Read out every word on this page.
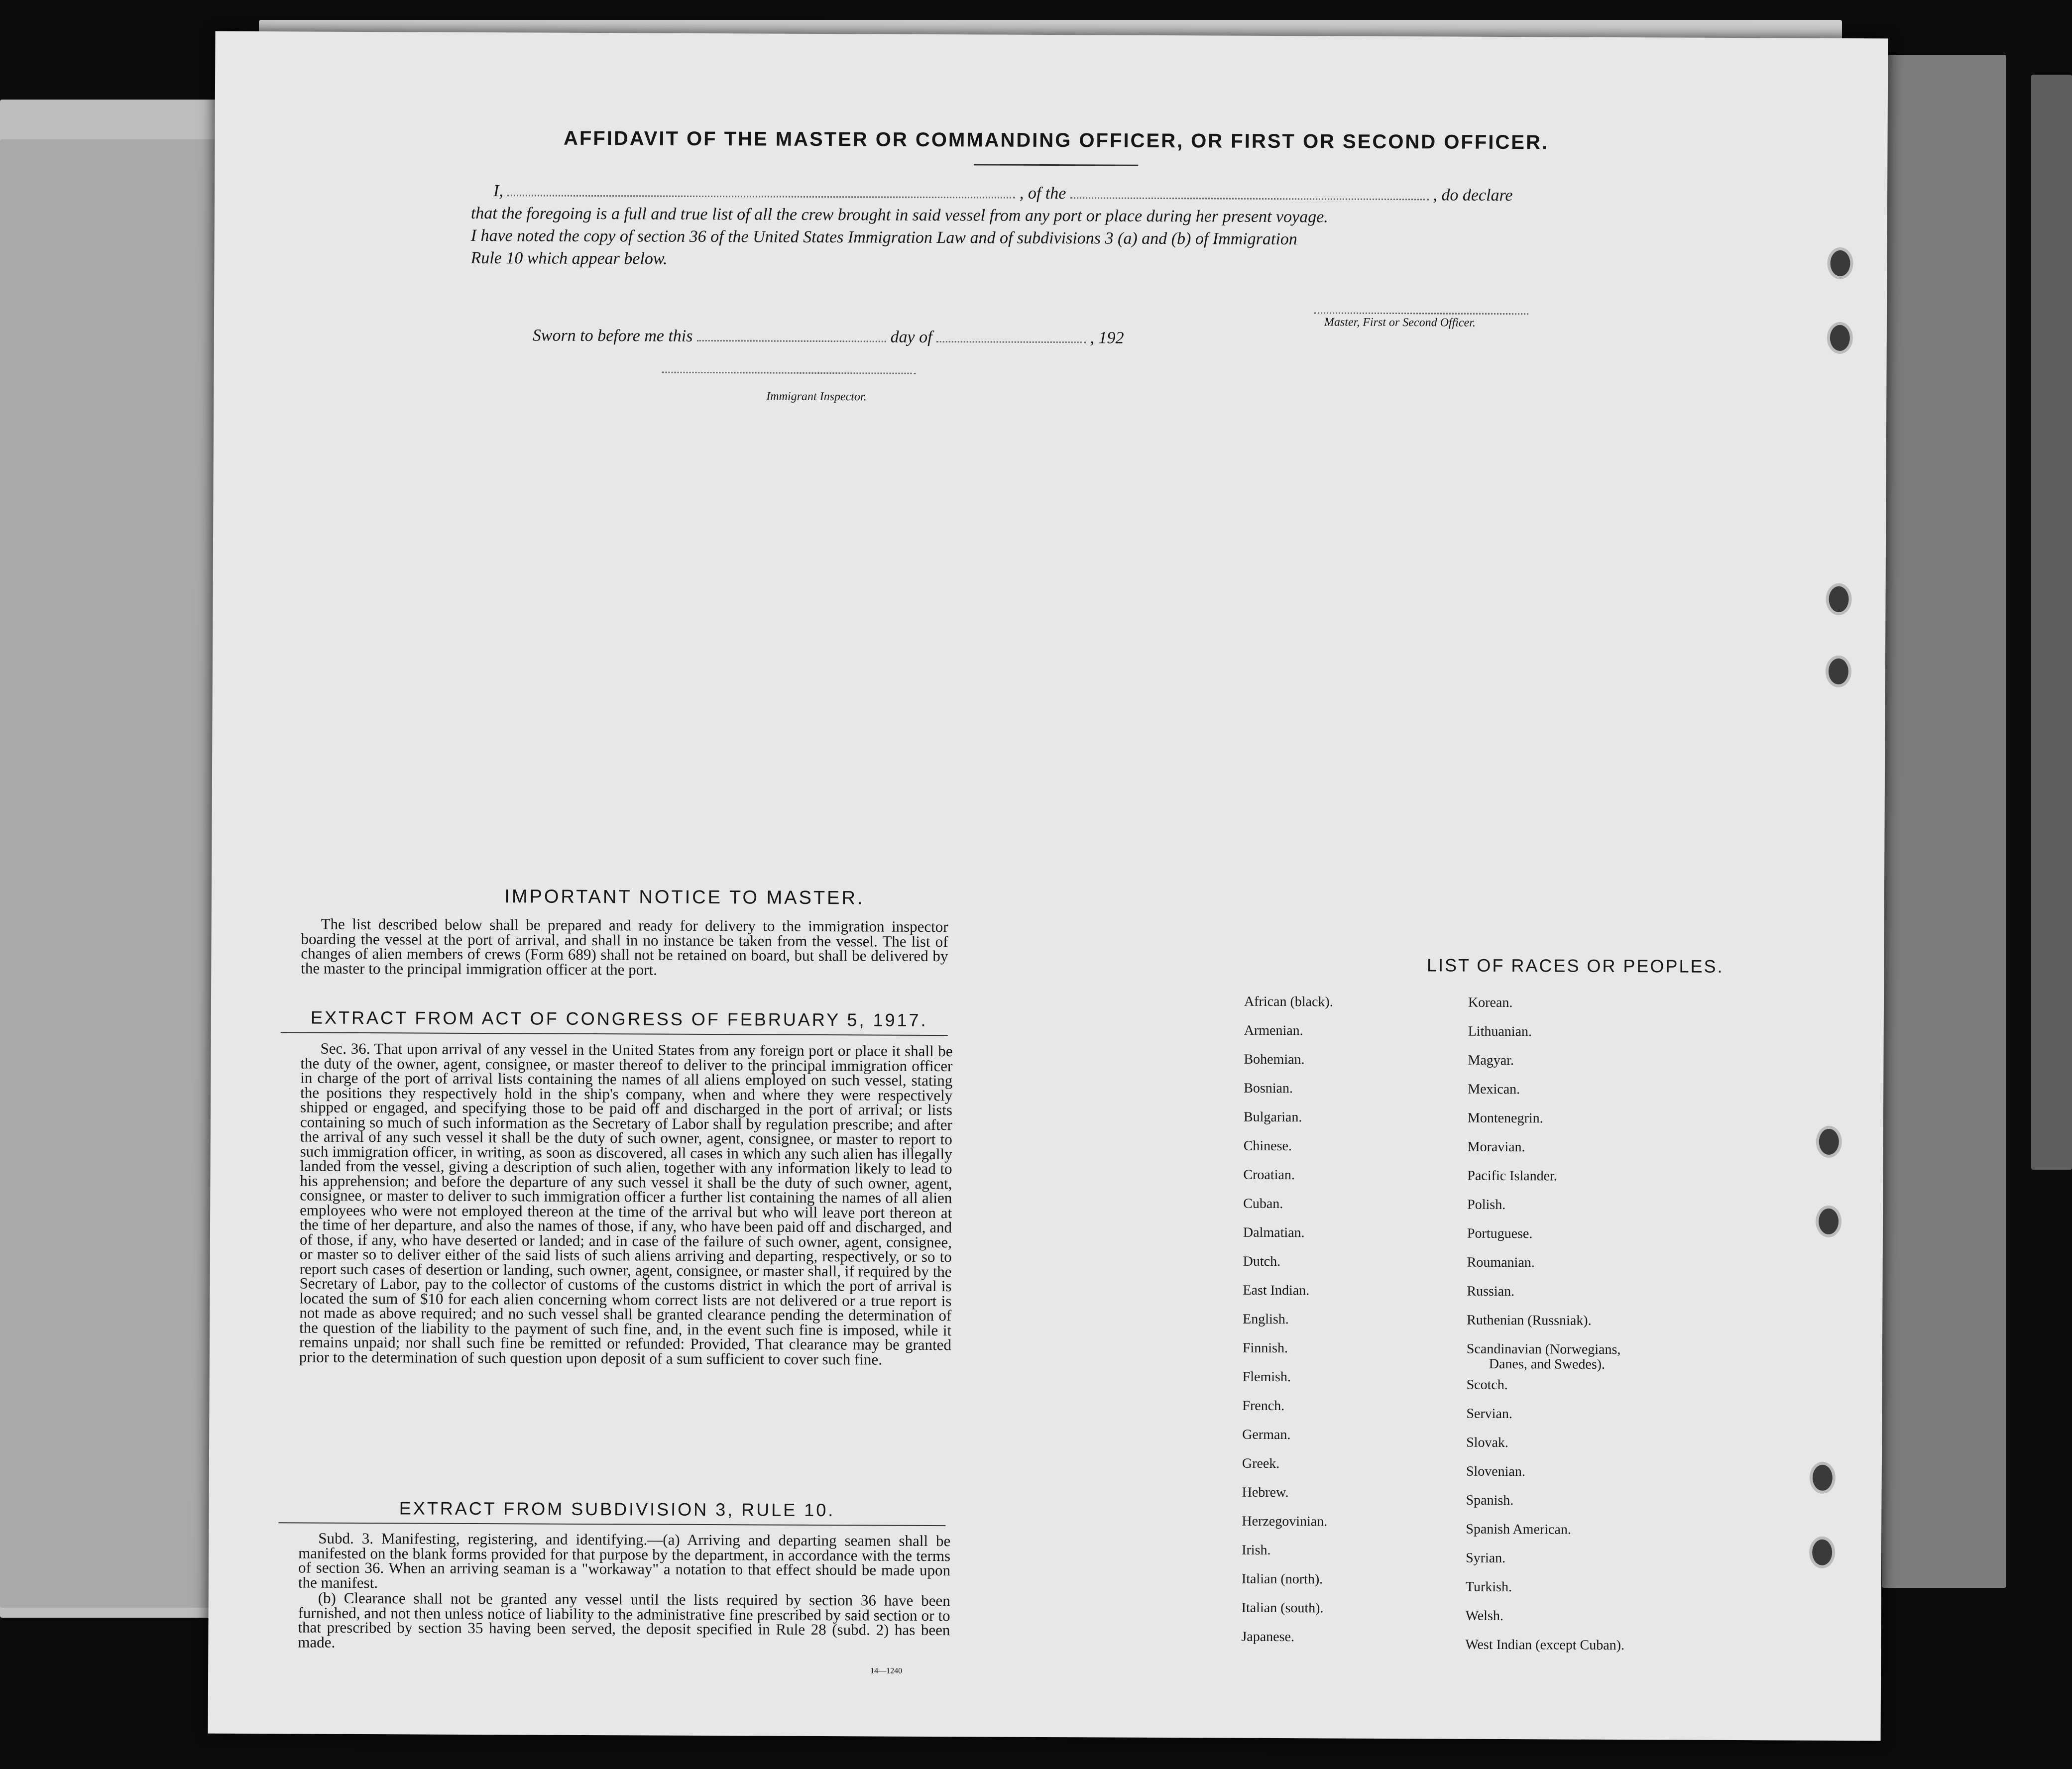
AFFIDAVIT OF THE MASTER OR COMMANDING OFFICER, OR FIRST OR SECOND OFFICER.
I,	, of the	, do declare
that the foregoing is a full and true list of all the crew brought in said vessel from any port or place during her present voyage.
I have noted the copy of section 36 of the United States Immigration Law and of subdivisions 3 (a) and (b) of Immigration
Rule 10 which appear below.
Master, First or Second Officer.
Sworn to before me this	day of	, 192
Immigrant Inspector.
IMPORTANT NOTICE TO MASTER.
The list described below shall be prepared and ready for delivery to the immigration inspector boarding the vessel at the port of arrival, and shall in no instance be taken from the vessel. The list of changes of alien members of crews (Form 689) shall not be retained on board, but shall be delivered by the master to the principal immigration officer at the port.
EXTRACT FROM ACT OF CONGRESS OF FEBRUARY 5, 1917.
Sec. 36. That upon arrival of any vessel in the United States from any foreign port or place it shall be the duty of the owner, agent, consignee, or master thereof to deliver to the principal immigration officer in charge of the port of arrival lists containing the names of all aliens employed on such vessel, stating the positions they respectively hold in the ship's company, when and where they were respectively shipped or engaged, and specifying those to be paid off and discharged in the port of arrival; or lists containing so much of such information as the Secretary of Labor shall by regulation prescribe; and after the arrival of any such vessel it shall be the duty of such owner, agent, consignee, or master to report to such immigration officer, in writing, as soon as discovered, all cases in which any such alien has illegally landed from the vessel, giving a description of such alien, together with any information likely to lead to his apprehension; and before the departure of any such vessel it shall be the duty of such owner, agent, consignee, or master to deliver to such immigration officer a further list containing the names of all alien employees who were not employed thereon at the time of the arrival but who will leave port thereon at the time of her departure, and also the names of those, if any, who have been paid off and discharged, and of those, if any, who have deserted or landed; and in case of the failure of such owner, agent, consignee, or master so to deliver either of the said lists of such aliens arriving and departing, respectively, or so to report such cases of desertion or landing, such owner, agent, consignee, or master shall, if required by the Secretary of Labor, pay to the collector of customs of the customs district in which the port of arrival is located the sum of $10 for each alien concerning whom correct lists are not delivered or a true report is not made as above required; and no such vessel shall be granted clearance pending the determination of the question of the liability to the payment of such fine, and, in the event such fine is imposed, while it remains unpaid; nor shall such fine be remitted or refunded: Provided, That clearance may be granted prior to the determination of such question upon deposit of a sum sufficient to cover such fine.
EXTRACT FROM SUBDIVISION 3, RULE 10.
Subd. 3. Manifesting, registering, and identifying.—(a) Arriving and departing seamen shall be manifested on the blank forms provided for that purpose by the department, in accordance with the terms of section 36. When an arriving seaman is a "workaway" a notation to that effect should be made upon the manifest.
(b) Clearance shall not be granted any vessel until the lists required by section 36 have been furnished, and not then unless notice of liability to the administrative fine prescribed by said section or to that prescribed by section 35 having been served, the deposit specified in Rule 28 (subd. 2) has been made.
14—1240
LIST OF RACES OR PEOPLES.
African (black).
Armenian.
Bohemian.
Bosnian.
Bulgarian.
Chinese.
Croatian.
Cuban.
Dalmatian.
Dutch.
East Indian.
English.
Finnish.
Flemish.
French.
German.
Greek.
Hebrew.
Herzegovinian.
Irish.
Italian (north).
Italian (south).
Japanese.
Korean.
Lithuanian.
Magyar.
Mexican.
Montenegrin.
Moravian.
Pacific Islander.
Polish.
Portuguese.
Roumanian.
Russian.
Ruthenian (Russniak).
Scandinavian (Norwegians,
Danes, and Swedes).
Scotch.
Servian.
Slovak.
Slovenian.
Spanish.
Spanish American.
Syrian.
Turkish.
Welsh.
West Indian (except Cuban).
